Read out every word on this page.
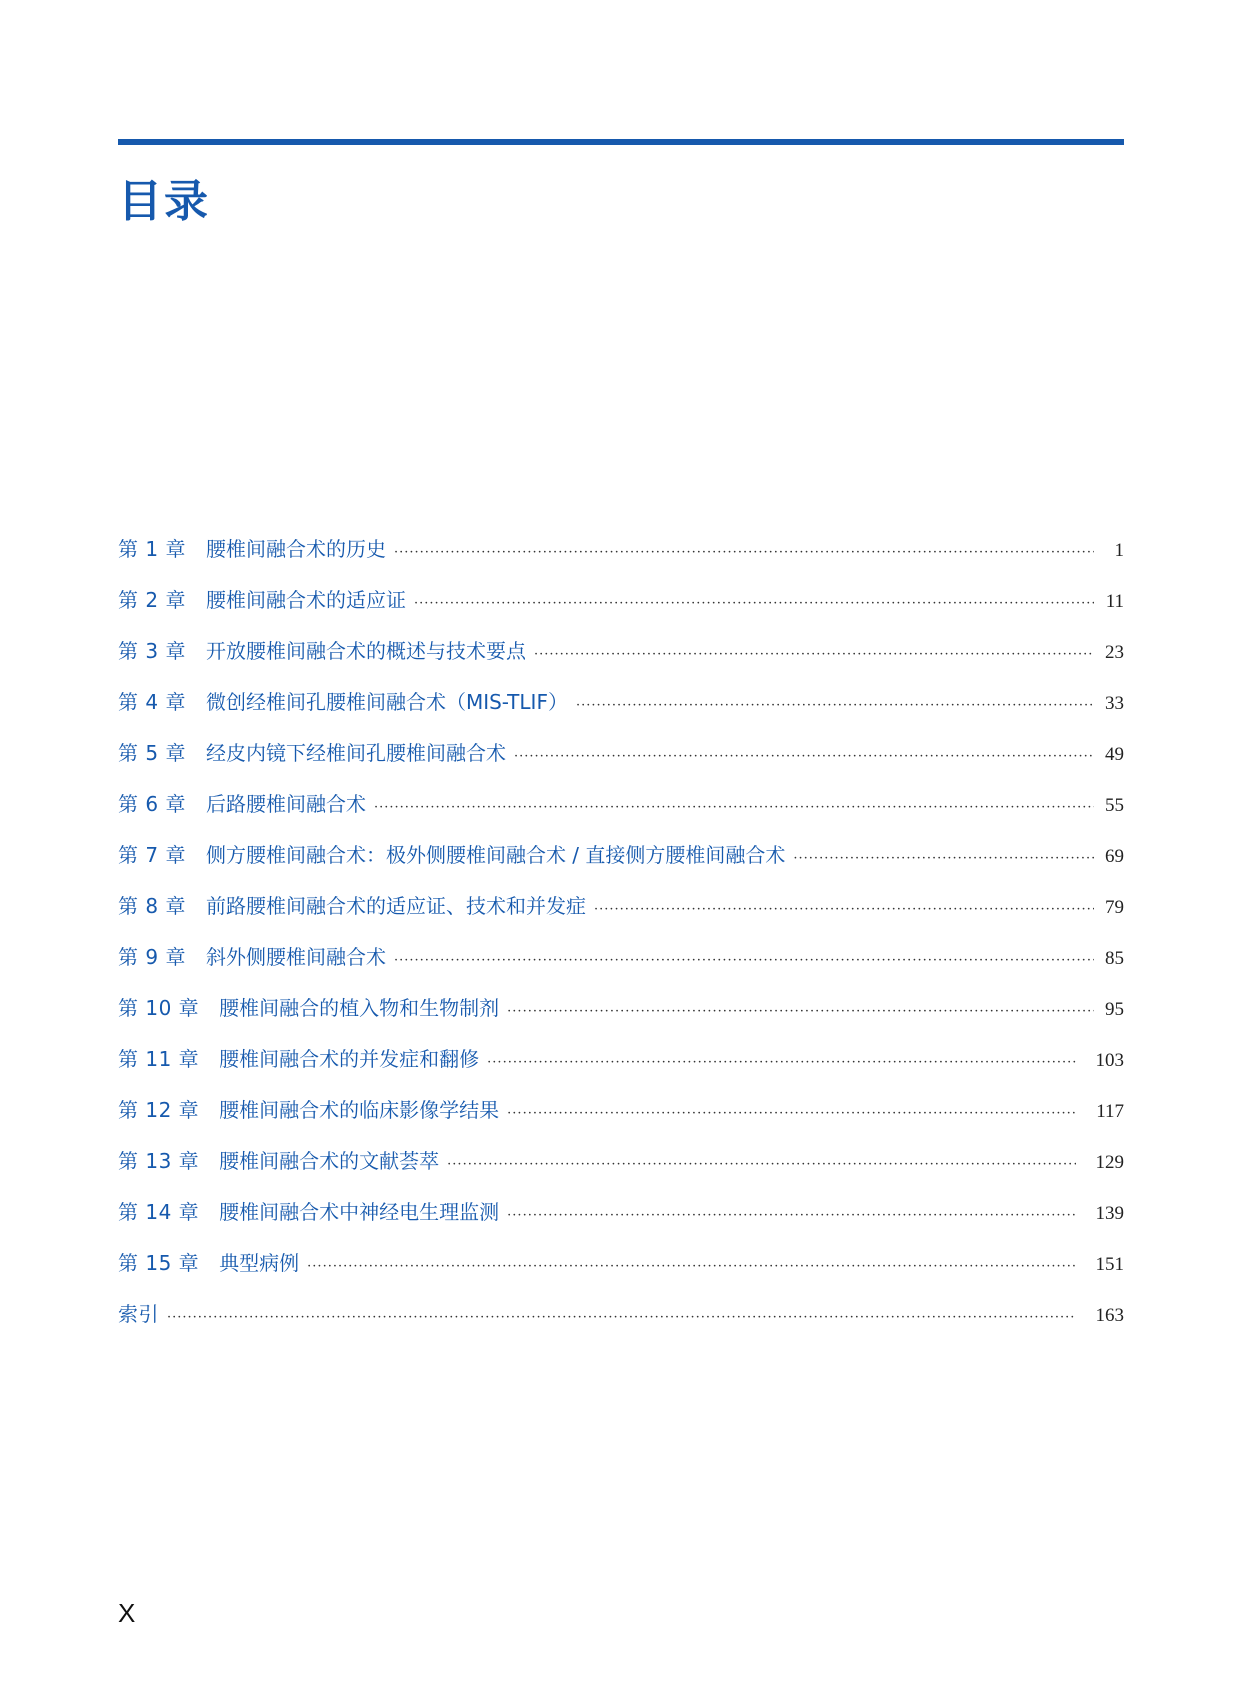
目录
第 1 章 腰椎间融合术的历史 ·····	1
第 2 章 腰椎间融合术的适应证 ·····	11
第 3 章 开放腰椎间融合术的概述与技术要点 ·····	23
第 4 章 微创经椎间孔腰椎间融合术（MIS-TLIF） ·····	33
第 5 章 经皮内镜下经椎间孔腰椎间融合术 ·····	49
第 6 章 后路腰椎间融合术 ·····	55
第 7 章 侧方腰椎间融合术：极外侧腰椎间融合术 / 直接侧方腰椎间融合术 ·····	69
第 8 章 前路腰椎间融合术的适应证、技术和并发症 ·····	79
第 9 章 斜外侧腰椎间融合术 ·····	85
第 10 章 腰椎间融合的植入物和生物制剂 ·····	95
第 11 章 腰椎间融合术的并发症和翻修 ·····	103
第 12 章 腰椎间融合术的临床影像学结果 ·····	117
第 13 章 腰椎间融合术的文献荟萃 ·····	129
第 14 章 腰椎间融合术中神经电生理监测 ·····	139
第 15 章 典型病例 ·····	151
索引 ·····	163
X
